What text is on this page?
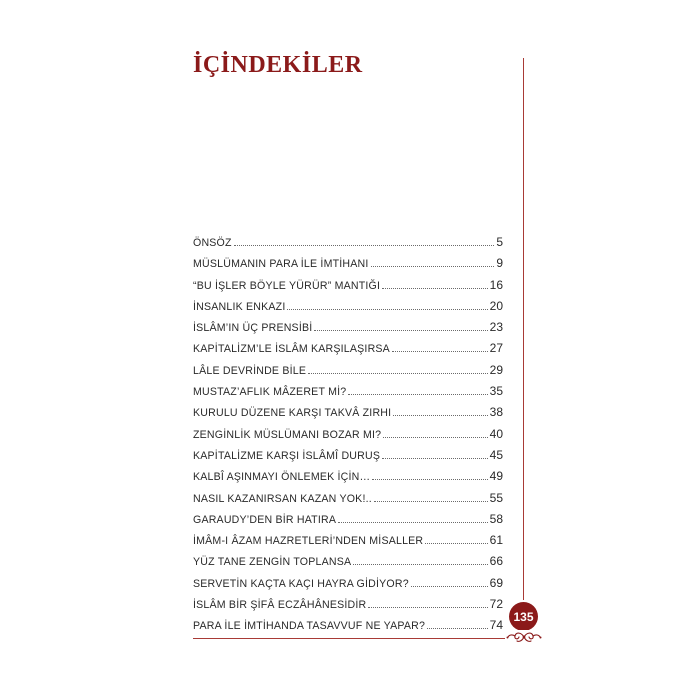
İÇİNDEKİLER
ÖNSÖZ	5
MÜSLÜMANIN PARA İLE İMTİHANI	9
“BU İŞLER BÖYLE YÜRÜR” MANTIĞI	16
İNSANLIK ENKAZI	20
İSLÂM’IN ÜÇ PRENSİBİ	23
KAPİTALİZM’LE İSLÂM KARŞILAŞIRSA	27
LÂLE DEVRİNDE BİLE	29
MUSTAZ’AFLIK MÂZERET Mİ?	35
KURULU DÜZENE KARŞI TAKVÂ ZIRHI	38
ZENGİNLİK MÜSLÜMANI BOZAR MI?	40
KAPİTALİZME KARŞI İSLÂMÎ DURUŞ	45
KALBÎ AŞINMAYI ÖNLEMEK İÇİN…	49
NASIL KAZANIRSAN KAZAN YOK!..	55
GARAUDY’DEN BİR HATIRA	58
İMÂM-I ÂZAM HAZRETLERİ’NDEN MİSALLER	61
YÜZ TANE ZENGİN TOPLANSA	66
SERVETİN KAÇTA KAÇI HAYRA GİDİYOR?	69
İSLÂM BİR ŞİFÂ ECZÂHÂNESİDİR	72
PARA İLE İMTİHANDA TASAVVUF NE YAPAR?	74
135
